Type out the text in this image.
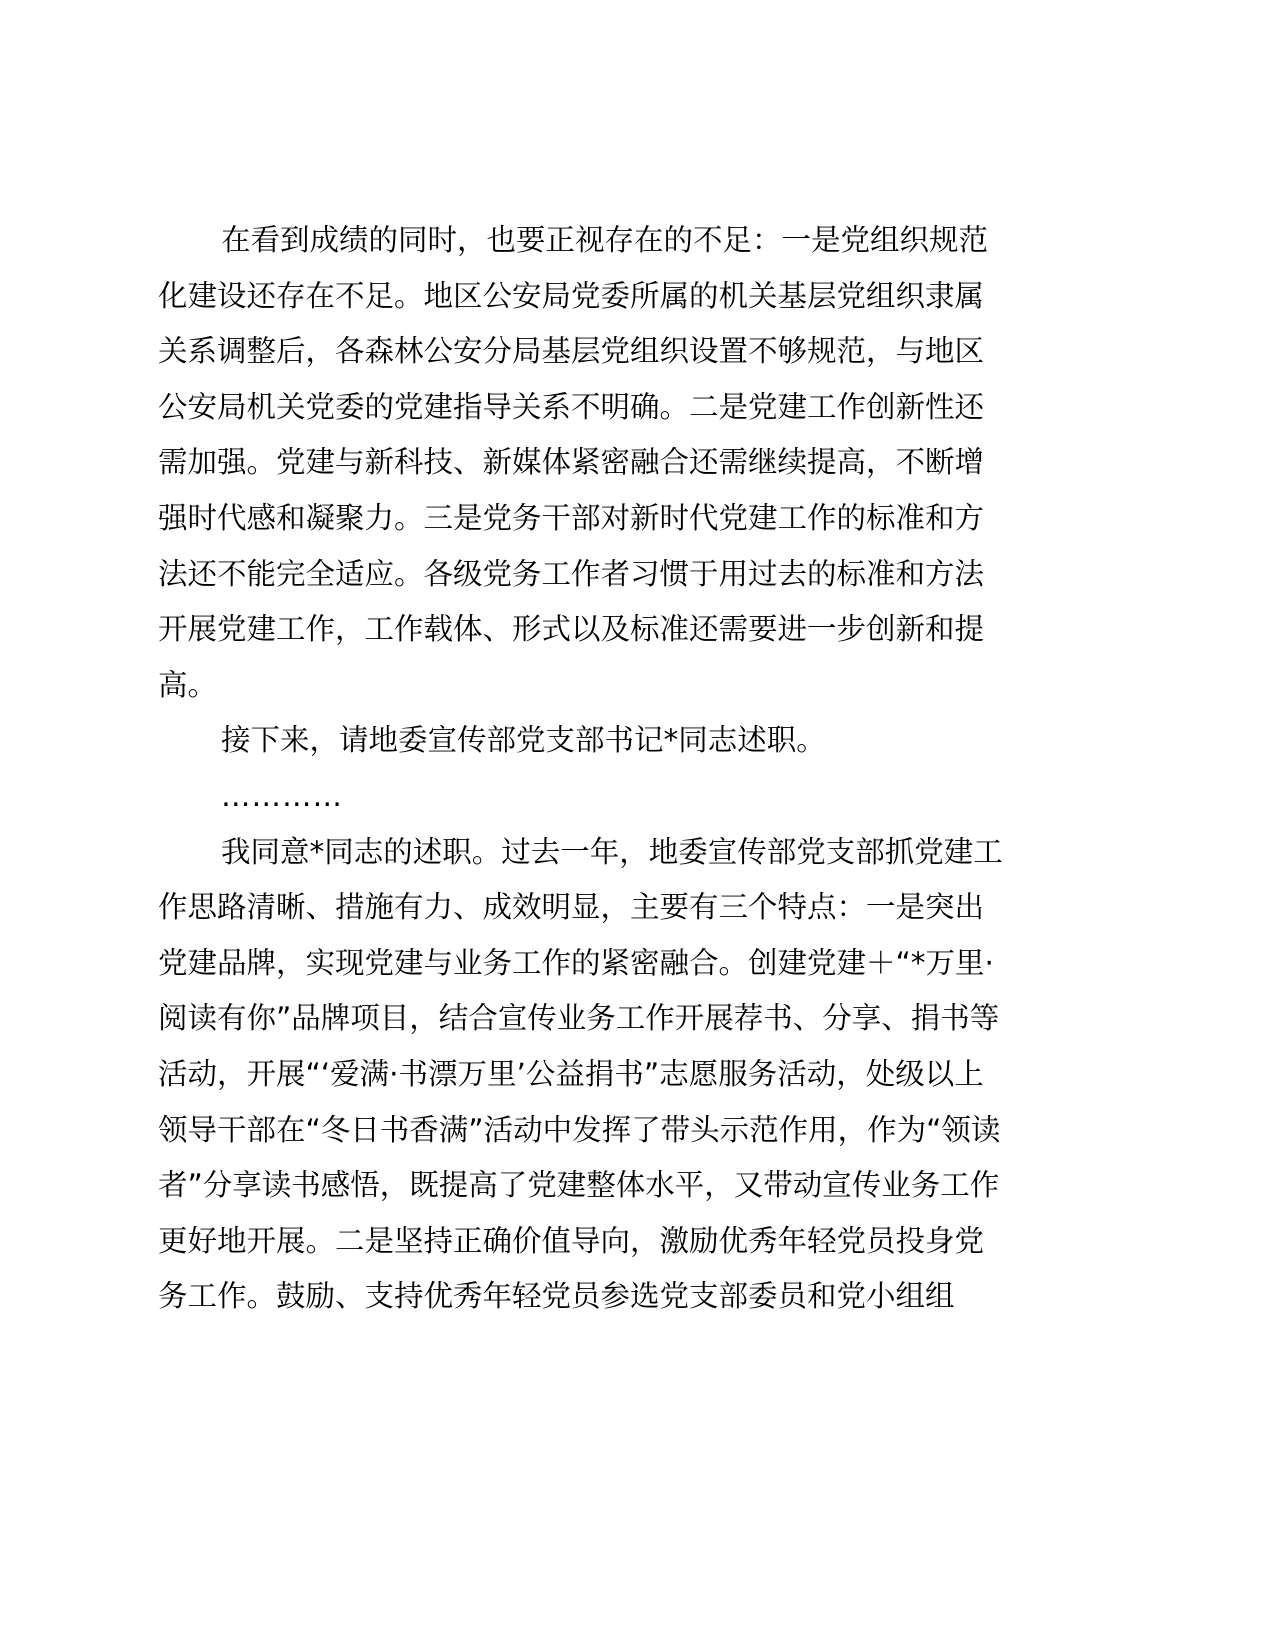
在看到成绩的同时，也要正视存在的不足：一是党组织规范
化建设还存在不足。地区公安局党委所属的机关基层党组织隶属
关系调整后，各森林公安分局基层党组织设置不够规范，与地区
公安局机关党委的党建指导关系不明确。二是党建工作创新性还
需加强。党建与新科技、新媒体紧密融合还需继续提高，不断增
强时代感和凝聚力。三是党务干部对新时代党建工作的标准和方
法还不能完全适应。各级党务工作者习惯于用过去的标准和方法
开展党建工作，工作载体、形式以及标准还需要进一步创新和提
高。
接下来，请地委宣传部党支部书记*同志述职。
…………
我同意*同志的述职。过去一年，地委宣传部党支部抓党建工
作思路清晰、措施有力、成效明显，主要有三个特点：一是突出
党建品牌，实现党建与业务工作的紧密融合。创建党建＋“*万里·
阅读有你”品牌项目，结合宣传业务工作开展荐书、分享、捐书等
活动，开展“‘爱满·书漂万里’公益捐书”志愿服务活动，处级以上
领导干部在“冬日书香满”活动中发挥了带头示范作用，作为“领读
者”分享读书感悟，既提高了党建整体水平，又带动宣传业务工作
更好地开展。二是坚持正确价值导向，激励优秀年轻党员投身党
务工作。鼓励、支持优秀年轻党员参选党支部委员和党小组组
